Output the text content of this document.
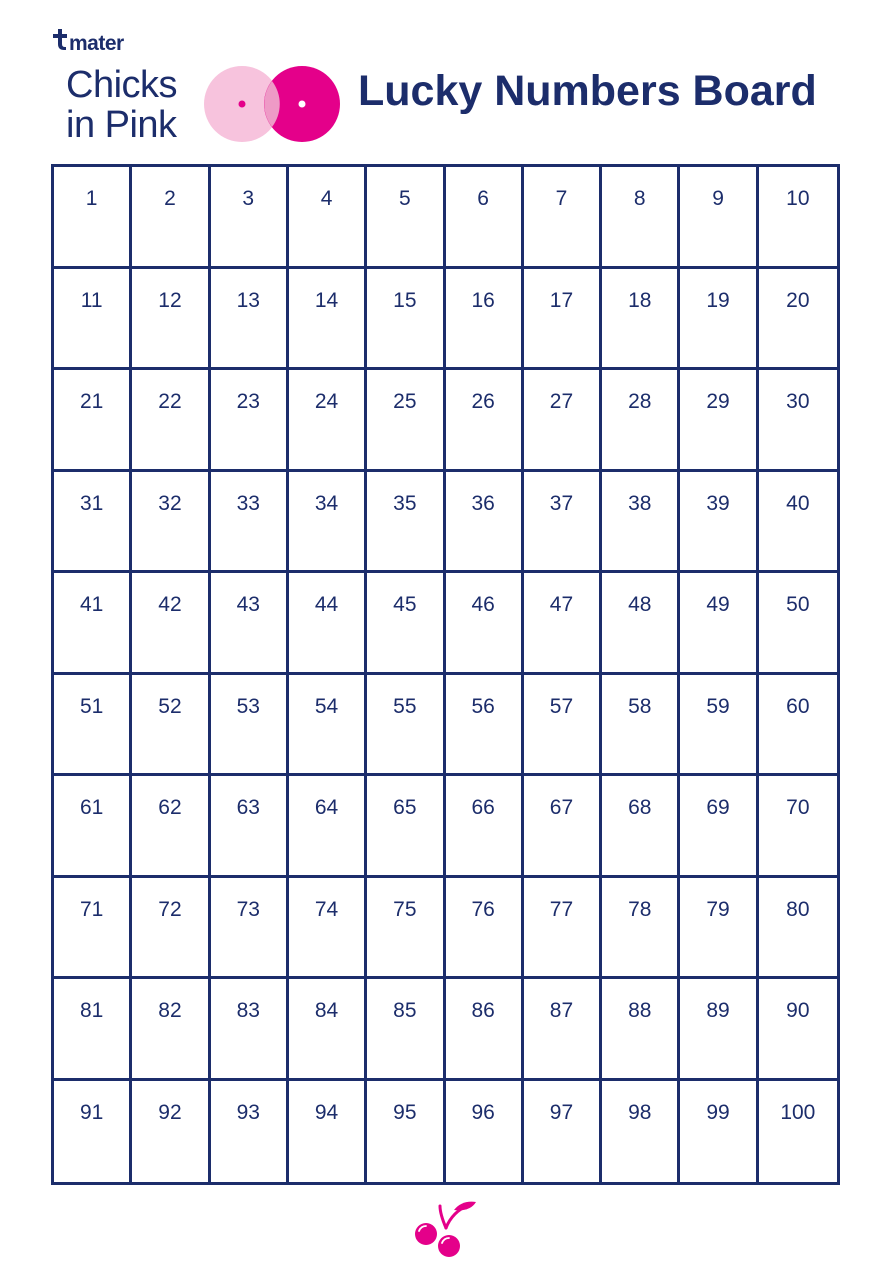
mater
Chicks
in Pink
Lucky Numbers Board
1	2	3	4	5	6	7	8	9	10
11	12	13	14	15	16	17	18	19	20
21	22	23	24	25	26	27	28	29	30
31	32	33	34	35	36	37	38	39	40
41	42	43	44	45	46	47	48	49	50
51	52	53	54	55	56	57	58	59	60
61	62	63	64	65	66	67	68	69	70
71	72	73	74	75	76	77	78	79	80
81	82	83	84	85	86	87	88	89	90
91	92	93	94	95	96	97	98	99	100
